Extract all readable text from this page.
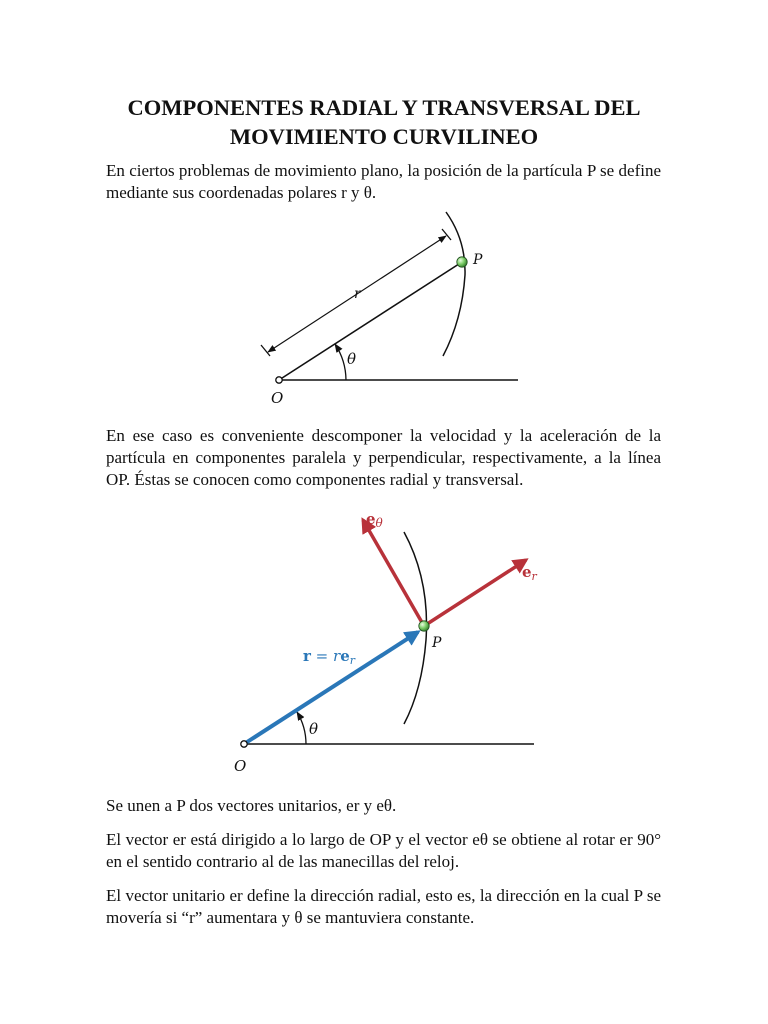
COMPONENTES RADIAL Y TRANSVERSAL DEL
MOVIMIENTO CURVILINEO

En ciertos problemas de movimiento plano, la posición de la partícula P se define mediante sus coordenadas polares r y θ.

P
r
θ
O

En ese caso es conveniente descomponer la velocidad y la aceleración de la partícula en componentes paralela y perpendicular, respectivamente, a la línea OP. Éstas se conocen como componentes radial y transversal.

$e_\theta$
$e_r$
P
$r = re_r$
θ
O

Se unen a P dos vectores unitarios, er y eθ.

El vector er está dirigido a lo largo de OP y el vector eθ se obtiene al rotar er 90° en el sentido contrario al de las manecillas del reloj.

El vector unitario er define la dirección radial, esto es, la dirección en la cual P se movería si “r” aumentara y θ se mantuviera constante.
